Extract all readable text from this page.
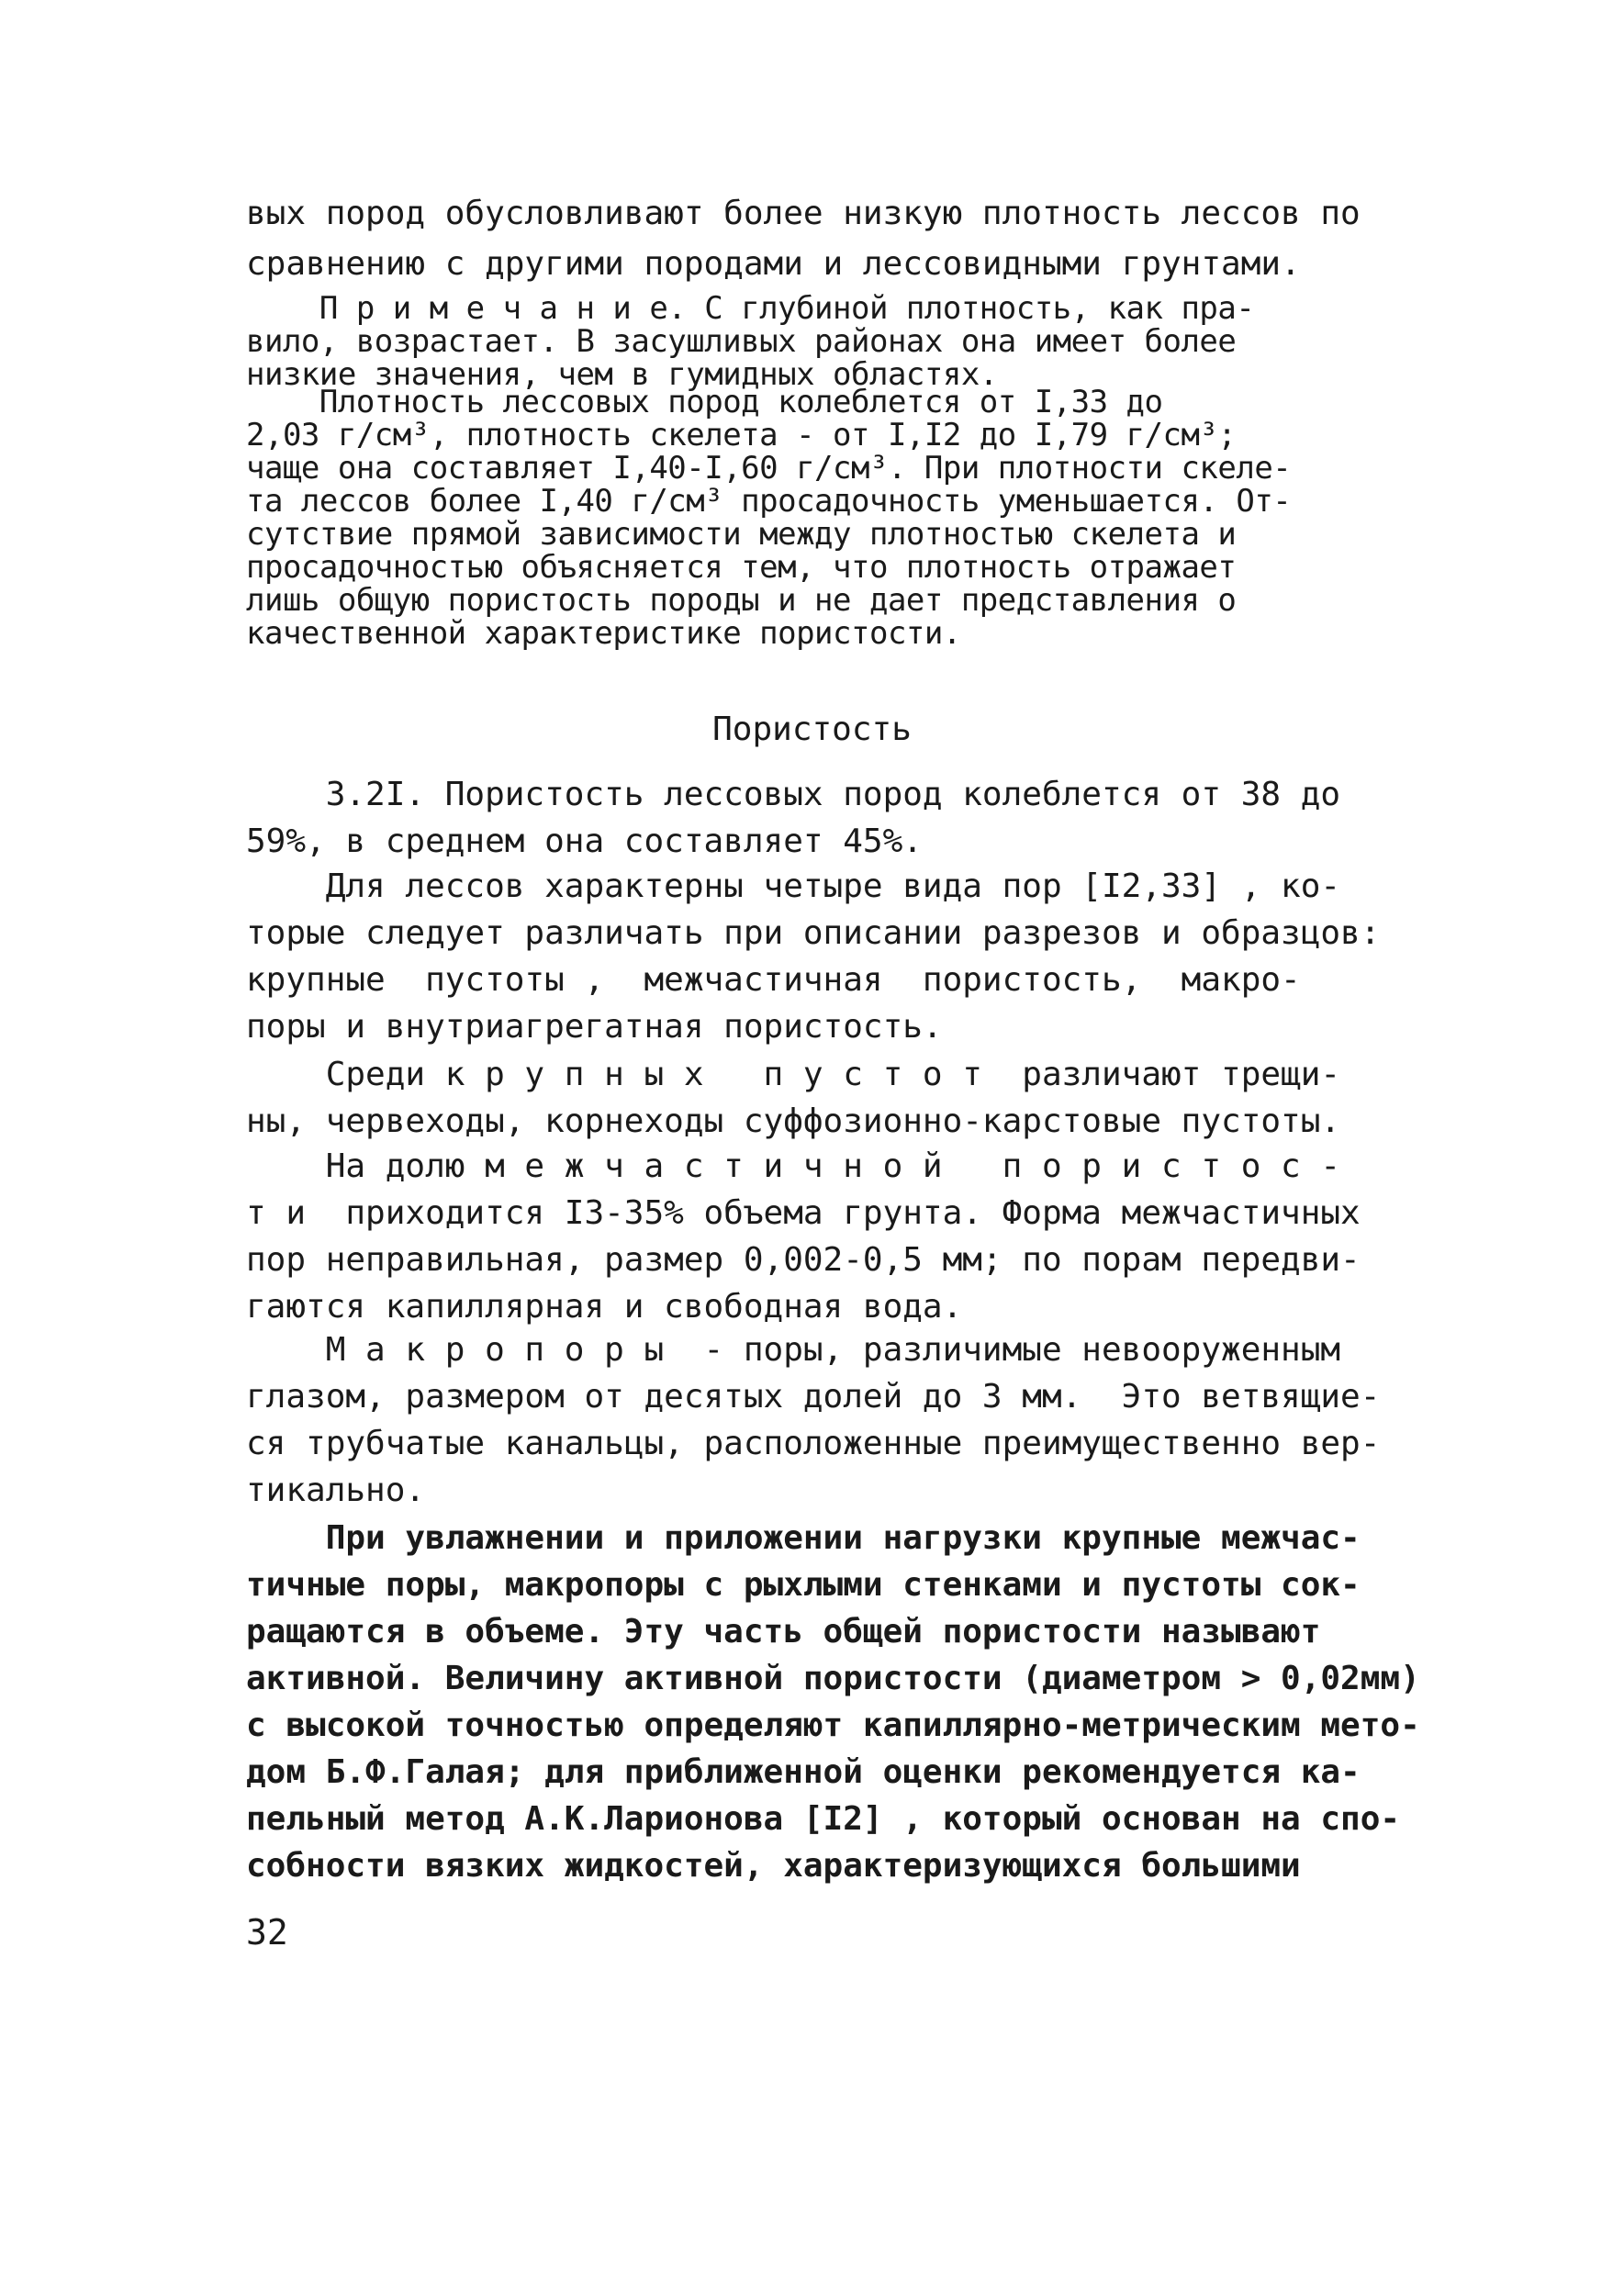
вых пород обусловливают более низкую плотность лессов по
сравнению с другими породами и лессовидными грунтами.
П р и м е ч а н и е. С глубиной плотность, как пра-
вило, возрастает. В засушливых районах она имеет более
низкие значения, чем в гумидных областях.
Плотность лессовых пород колеблется от I,33 до
2,03 г/см³, плотность скелета - от I,I2 до I,79 г/см³;
чаще она составляет I,40-I,60 г/см³. При плотности скеле-
та лессов более I,40 г/см³ просадочность уменьшается. От-
сутствие прямой зависимости между плотностью скелета и
просадочностью объясняется тем, что плотность отражает
лишь общую пористость породы и не дает представления о
качественной характеристике пористости.
Пористость
3.2I. Пористость лессовых пород колеблется от 38 до
59%, в среднем она составляет 45%.
Для лессов характерны четыре вида пор [I2,33] , ко-
торые следует различать при описании разрезов и образцов:
крупные  пустоты ,  межчастичная  пористость,  макро-
поры и внутриагрегатная пористость.
Среди к р у п н ы х   п у с т о т  различают трещи-
ны, червеходы, корнеходы суффозионно-карстовые пустоты.
На долю м е ж ч а с т и ч н о й   п о р и с т о с -
т и  приходится I3-35% объема грунта. Форма межчастичных
пор неправильная, размер 0,002-0,5 мм; по порам передви-
гаются капиллярная и свободная вода.
М а к р о п о р ы  - поры, различимые невооруженным
глазом, размером от десятых долей до 3 мм.  Это ветвящие-
ся трубчатые канальцы, расположенные преимущественно вер-
тикально.
При увлажнении и приложении нагрузки крупные межчас-
тичные поры, макропоры с рыхлыми стенками и пустоты сок-
ращаются в объеме. Эту часть общей пористости называют
активной. Величину активной пористости (диаметром > 0,02мм)
с высокой точностью определяют капиллярно-метрическим мето-
дом Б.Ф.Галая; для приближенной оценки рекомендуется ка-
пельный метод А.К.Ларионова [I2] , который основан на спо-
собности вязких жидкостей, характеризующихся большими
32
